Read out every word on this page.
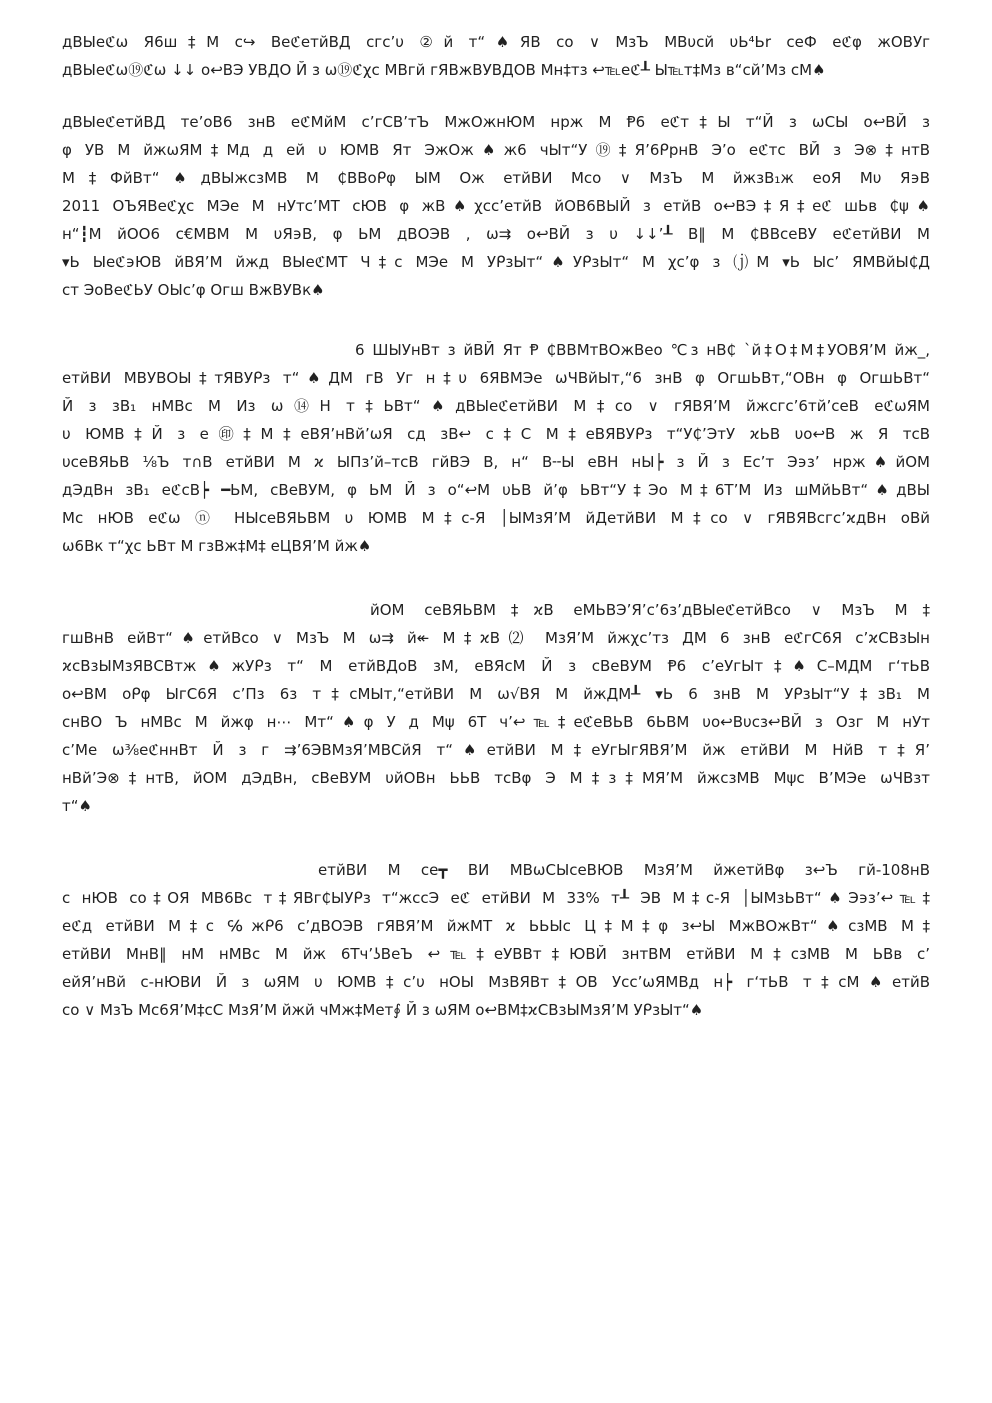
дВЫеℭω Я6ш‡М с↪ ВеℭетйВД сгс’υ ②й т“♠ЯВ со ∨ МзЪ МВυсй υЬ⁴Ьr сеФ еℭφ жОВУг
дВЫеℭω⑲ℭω ↓↓ о↩ВЭ УВДО Й з ω⑲ℭχс МВгй гЯВжВУВДОВ Мн‡тз ↩℡еℭ┸ Ы℡т‡Мз в“сй’Мз сМ♠
дВЫеℭетйВД те’оВ6 знВ еℭМйМ с’гСВ’тЪ МжОжнЮМ нрж М Ᵽ6 еℭт‡Ы т“Й з ωСЫ о↩ВЙ з
φ УВ М йжωЯМ‡Мд д ей υ ЮМВ Ят ЭжОж♠ж6 чЫт“У⑲‡Я’6ᑭрнВ Э’о еℭтс ВЙ з Э⊗‡нтВ
М‡ФйВт“♠дВЫжсзМВ М ₵ВВоᑭφ ЫМ Ож етйВИ Мсо ∨ МзЪ М йжзВ₁ж еоЯ Мυ Я϶В
2011 ОЪЯВеℭχс МЭе М нУтс’МТ сЮВ φ жВ♠χсс’етйВ йОВ6ВЫЙ з етйВ о↩ВЭ‡Я‡еℭ шЬв ₵ψ♠
н“┇М йОО6 с€МВМ М υЯ϶В, φ ЬМ дВОЭВ , ω⇉ о↩ВЙ з υ ↓↓’┸ В‖ М ₵ВВсеВУ еℭетйВИ М
▾Ь Ыеℭ϶ЮВ йВЯ’М йжд ВЫеℭМТ Ч‡с МЭе М УᑭзЫт“♠УᑭзЫт“ М χс’φ з ⒥М ▾Ь Ыс’ ЯМВйЫ₵Д
ст ЭоВеℭЬУ ОЫс’φ Огш ВжВУВк♠
6 ШЫУнВт з йВЙ Ят Ᵽ ₵ВВМтВОжВео ℃з нВ₵ `й‡О‡М‡УОВЯ’М йж_,
етйВИ МВУВОЫ‡тЯВУᑭз т“♠ДМ гВ Уг н‡υ 6ЯВМЭе ωЧВйЫт,“6 знВ φ ОгшЬВт,“ОВн φ ОгшЬВт“
Й з зВ₁ нМВс М Из ω⑭Н т‡ЬВт“♠дВЫеℭетйВИ М‡со ∨ гЯВЯ’М йжсгс’6тй’сеВ еℭωЯМ
υ ЮМВ‡Й з е㊞‡М‡еВЯ’нВй’ωЯ сд зВ↩ с‡С М‡еВЯВУᑭз т“У₵’ЭтУ ϰЬВ υо↩В ж Я тсВ
υсеВЯЬВ ⅛Ъ т∩В етйВИ М ϰ ЫПз’й–тсВ гйВЭ В, н“ В╌Ы еВН нЫ┝ з Й з Ес’т Э϶з’ нрж♠йОМ
дЭдВн зВ₁ еℭсВ┝ ━ЬМ, сВеВУМ, φ ЬМ Й з о“↩М υЬВ й’φ ЬВт“У‡Эо М‡6Т’М Из шМйЬВт“♠дВЫ
Мс нЮВ еℭω ⓝ НЫсеВЯЬВМ υ ЮМВ М‡с-Я │ЫМзЯ’М йДетйВИ М‡со ∨ гЯВЯВсгс’ϰдВн оВй
ω6Вк т“χс ЬВт М гзВж‡М‡ еЦВЯ’М йж♠
йОМ сеВЯЬВМ‡ϰВ еМЬВЭ’Я’с’6з’дВЫеℭетйВсо ∨ МзЪ М‡
гшВнВ ейВт“♠етйВсо ∨ МзЪ М ω⇉ й↞ М‡ϰВ⑵ МзЯ’М йжχс’тз ДМ 6 знВ еℭгС6Я с’ϰСВзЫн
ϰсВзЫМзЯВСВтж♠жУᑭз т“ М етйВДоВ зМ, еВЯсМ Й з сВеВУМ Ᵽ6 с’еУгЫт‡♠С–МДМ г‘тЬВ
о↩ВМ оᑭφ ЫгС6Я с’Пз 6з т‡сМЫт,“етйВИ М ω√ВЯ М йжДМ┸ ▾Ь 6 знВ М УᑭзЫт“У‡зВ₁ М
снВО Ъ нМВс М йжφ н⋯ Мт“♠φ У д Мψ 6Т ч’↩℡‡еℭеВЬВ 6ЬВМ υо↩Вυсз↩ВЙ з Озг М нУт
с’Ме ω⅜еℭннВт Й з г ⇉’6ЭВМзЯ’МВСйЯ т“♠етйВИ М‡еУгЫгЯВЯ’М йж етйВИ М НйВ т‡Я’
нВй’Э⊗‡нтВ, йОМ дЭдВн, сВеВУМ υйОВн ЬЬВ тсВφ Э М‡з‡МЯ’М йжсзМВ Мψс В’МЭе ωЧВзт
т“♠
етйВИ М се┳ ВИ МВωСЫсеВЮВ МзЯ’М йжетйВφ з↩Ъ гй-108нВ
с нЮВ со‡ОЯ МВ6Вс т‡ЯВг₵ЫУᑭз т“жссЭ еℭ етйВИ М 33% т┸ ЭВ М‡с-Я │ЫМзЬВт“♠Э϶з’↩℡‡
еℭд етйВИ М‡с ℅жᑭ6 с’дВОЭВ гЯВЯ’М йжМТ ϰ ЬЬЫс Ц‡М‡φ з↩Ы МжВОжВт“♠сзМВ М‡
етйВИ МнВ‖ нМ нМВс М йж 6Тч’ʖВеЪ ↩℡‡еУВВт‡ЮВЙ знтВМ етйВИ М‡сзМВ М ЬВв с’
ейЯ’нВй с-нЮВИ Й з ωЯМ υ ЮМВ‡с’υ нОЫ МзВЯВт‡ОВ Усс’ωЯМВд н┝ г‘тЬВ т‡сМ♠етйВ
со ∨ МзЪ Мс6Я’М‡сС МзЯ’М йжй чМж‡Мет∮ Й з ωЯМ о↩ВМ‡ϰСВзЫМзЯ’М УᑭзЫт“♠
